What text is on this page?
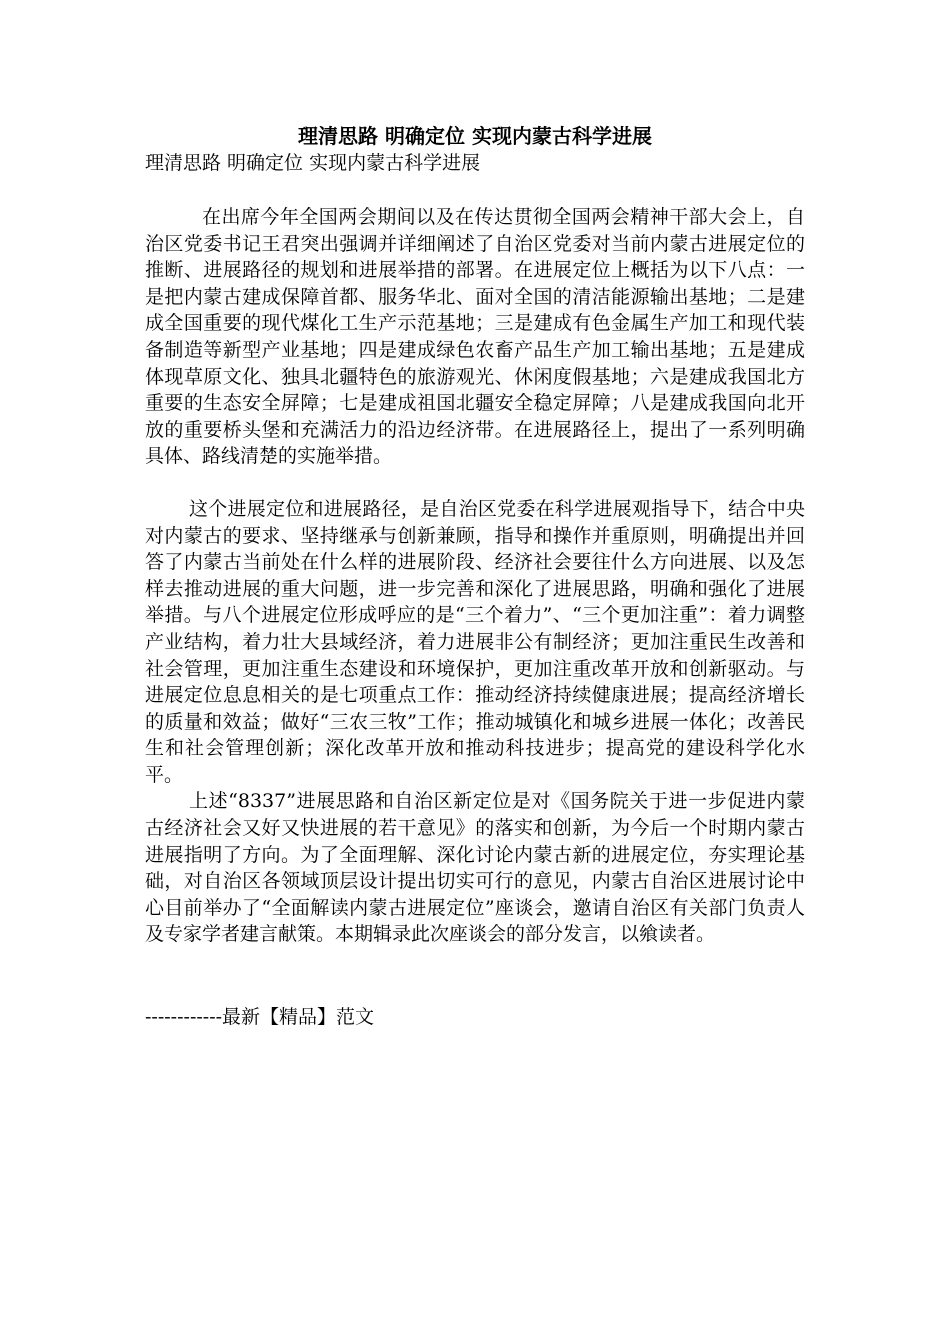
理清思路 明确定位 实现内蒙古科学进展

理清思路 明确定位 实现内蒙古科学进展

在出席今年全国两会期间以及在传达贯彻全国两会精神干部大会上，自治区党委书记王君突出强调并详细阐述了自治区党委对当前内蒙古进展定位的推断、进展路径的规划和进展举措的部署。在进展定位上概括为以下八点：一是把内蒙古建成保障首都、服务华北、面对全国的清洁能源输出基地；二是建成全国重要的现代煤化工生产示范基地；三是建成有色金属生产加工和现代装备制造等新型产业基地；四是建成绿色农畜产品生产加工输出基地；五是建成体现草原文化、独具北疆特色的旅游观光、休闲度假基地；六是建成我国北方重要的生态安全屏障；七是建成祖国北疆安全稳定屏障；八是建成我国向北开放的重要桥头堡和充满活力的沿边经济带。在进展路径上，提出了一系列明确具体、路线清楚的实施举措。

这个进展定位和进展路径，是自治区党委在科学进展观指导下，结合中央对内蒙古的要求、坚持继承与创新兼顾，指导和操作并重原则，明确提出并回答了内蒙古当前处在什么样的进展阶段、经济社会要往什么方向进展、以及怎样去推动进展的重大问题，进一步完善和深化了进展思路，明确和强化了进展举措。与八个进展定位形成呼应的是“三个着力”、“三个更加注重”：着力调整产业结构，着力壮大县域经济，着力进展非公有制经济；更加注重民生改善和社会管理，更加注重生态建设和环境保护，更加注重改革开放和创新驱动。与进展定位息息相关的是七项重点工作：推动经济持续健康进展；提高经济增长的质量和效益；做好“三农三牧”工作；推动城镇化和城乡进展一体化；改善民生和社会管理创新；深化改革开放和推动科技进步；提高党的建设科学化水平。

上述“8337”进展思路和自治区新定位是对《国务院关于进一步促进内蒙古经济社会又好又快进展的若干意见》的落实和创新，为今后一个时期内蒙古进展指明了方向。为了全面理解、深化讨论内蒙古新的进展定位，夯实理论基础，对自治区各领域顶层设计提出切实可行的意见，内蒙古自治区进展讨论中心目前举办了“全面解读内蒙古进展定位”座谈会，邀请自治区有关部门负责人及专家学者建言献策。本期辑录此次座谈会的部分发言，以飨读者。

------------最新【精品】范文
